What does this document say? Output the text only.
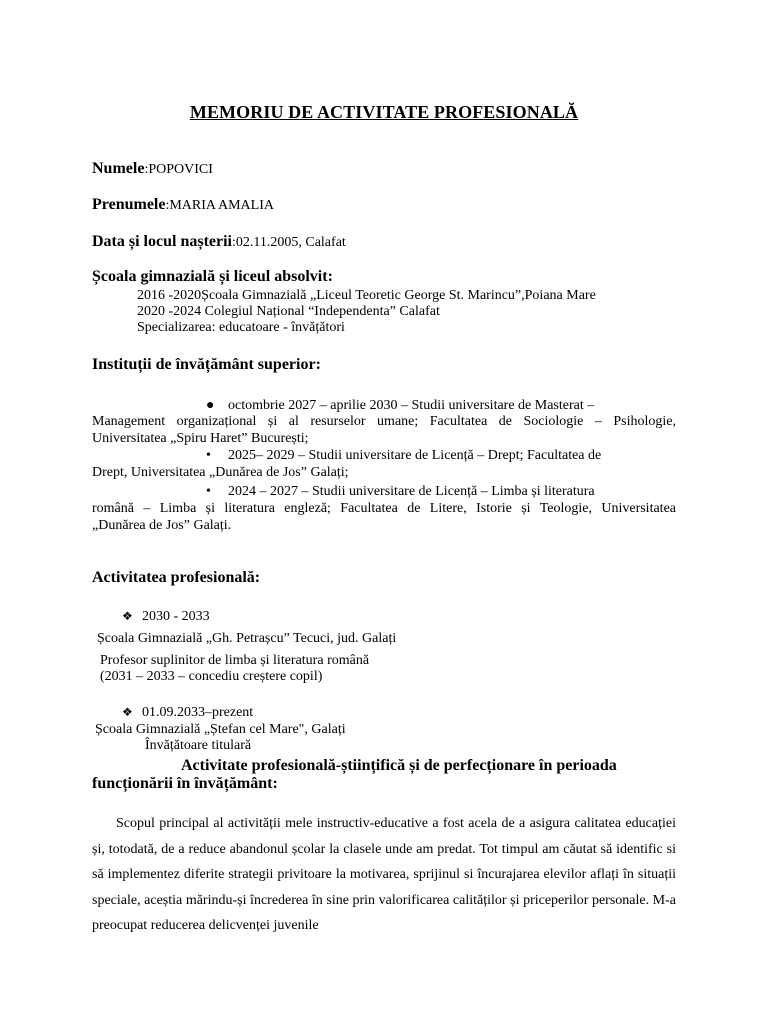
MEMORIU DE ACTIVITATE PROFESIONALĂ
Numele:POPOVICI
Prenumele:MARIA AMALIA
Data și locul nașterii:02.11.2005, Calafat
Școala gimnazială și liceul absolvit:
2016 -2020Școala Gimnazială „Liceul Teoretic George St. Marincu”,Poiana Mare
2020 -2024 Colegiul Național “Independenta” Calafat
Specializarea: educatoare - învățători
Instituții de învățământ superior:
● octombrie 2027 – aprilie 2030 – Studii universitare de Masterat –
Management organizațional și al resurselor umane; Facultatea de Sociologie – Psihologie,
Universitatea „Spiru Haret” București;
• 2025– 2029 – Studii universitare de Licență – Drept; Facultatea de
Drept, Universitatea „Dunărea de Jos” Galați;
• 2024 – 2027 – Studii universitare de Licență – Limba și literatura
română – Limba și literatura engleză; Facultatea de Litere, Istorie și Teologie, Universitatea
„Dunărea de Jos” Galați.
Activitatea profesională:
❖ 2030 - 2033
Școala Gimnazială „Gh. Petrașcu” Tecuci, jud. Galați
Profesor suplinitor de limba și literatura română
(2031 – 2033 – concediu creștere copil)
❖ 01.09.2033–prezent
Școala Gimnazială „Ștefan cel Mare", Galați
Învățătoare titulară
Activitate profesională-științifică și de perfecționare în perioada
funcționării în învățământ:
Scopul principal al activității mele instructiv-educative a fost acela de a asigura calitatea educației și, totodată, de a reduce abandonul școlar la clasele unde am predat. Tot timpul am căutat să identific si să implementez diferite strategii privitoare la motivarea, sprijinul si încurajarea elevilor aflați în situații speciale, aceștia mărindu-și încrederea în sine prin valorificarea calităților și priceperilor personale. M-a preocupat reducerea delicvenței juvenile
